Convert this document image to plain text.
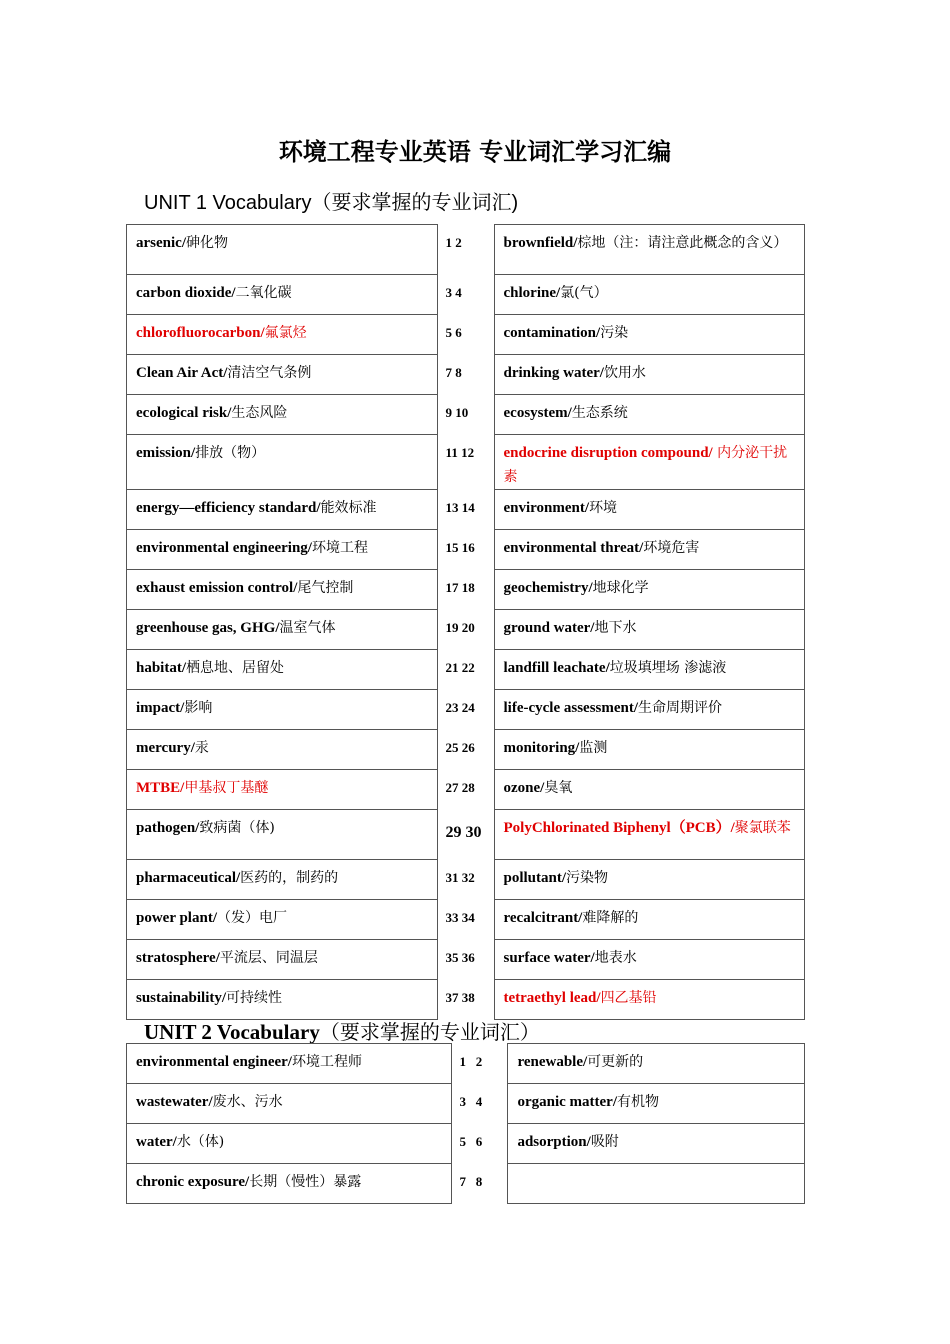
环境工程专业英语 专业词汇学习汇编
UNIT 1 Vocabulary（要求掌握的专业词汇)
arsenic/砷化物	1 2	brownfield/棕地（注：请注意此概念的含义）
carbon dioxide/二氧化碳	3 4	chlorine/氯(气）
chlorofluorocarbon/氟氯烃	5 6	contamination/污染
Clean Air Act/清洁空气条例	7 8	drinking water/饮用水
ecological risk/生态风险	9 10	ecosystem/生态系统
emission/排放（物）	11 12	endocrine disruption compound/ 内分泌干扰素
energy—efficiency standard/能效标准	13 14	environment/环境
environmental engineering/环境工程	15 16	environmental threat/环境危害
exhaust emission control/尾气控制	17 18	geochemistry/地球化学
greenhouse gas, GHG/温室气体	19 20	ground water/地下水
habitat/栖息地、居留处	21 22	landfill leachate/垃圾填埋场 渗滤液
impact/影响	23 24	life-cycle assessment/生命周期评价
mercury/汞	25 26	monitoring/监测
MTBE/甲基叔丁基醚	27 28	ozone/臭氧
pathogen/致病菌（体)	29 30	PolyChlorinated Biphenyl（PCB）/聚氯联苯
pharmaceutical/医药的，制药的	31 32	pollutant/污染物
power plant/（发）电厂	33 34	recalcitrant/难降解的
stratosphere/平流层、同温层	35 36	surface water/地表水
sustainability/可持续性	37 38	tetraethyl lead/四乙基铅
UNIT 2 Vocabulary（要求掌握的专业词汇）
environmental engineer/环境工程师	1   2	renewable/可更新的
wastewater/废水、污水	3   4	organic matter/有机物
water/水（体)	5   6	adsorption/吸附
chronic exposure/长期（慢性）暴露	7   8	
